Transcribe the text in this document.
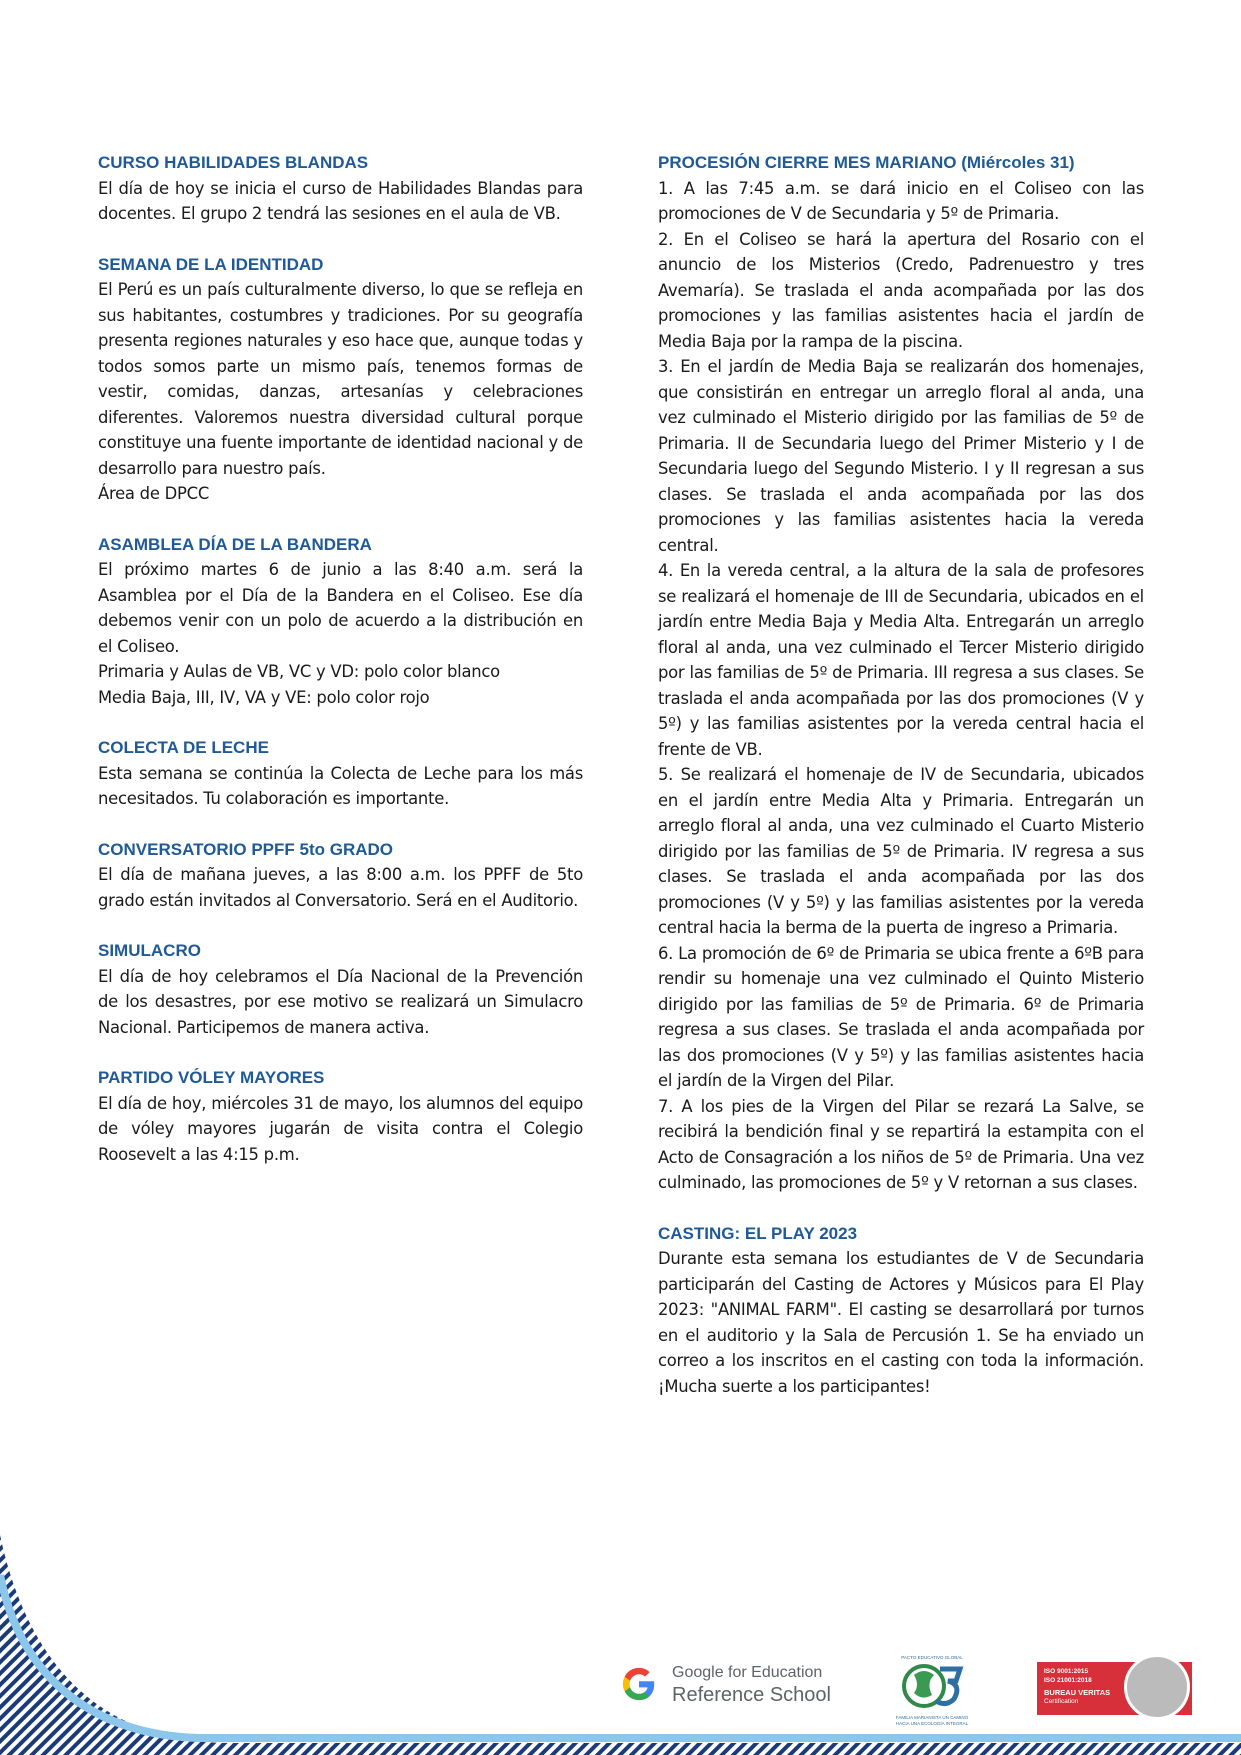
CURSO HABILIDADES BLANDAS

El día de hoy se inicia el curso de Habilidades Blandas para docentes. El grupo 2 tendrá las sesiones en el aula de VB.

SEMANA DE LA IDENTIDAD

El Perú es un país culturalmente diverso, lo que se refleja en sus habitantes, costumbres y tradiciones. Por su geografía presenta regiones naturales y eso hace que, aunque todas y todos somos parte un mismo país, tenemos formas de vestir, comidas, danzas, artesanías y celebraciones diferentes. Valoremos nuestra diversidad cultural porque constituye una fuente importante de identidad nacional y de desarrollo para nuestro país.

Área de DPCC

ASAMBLEA DÍA DE LA BANDERA

El próximo martes 6 de junio a las 8:40 a.m. será la Asamblea por el Día de la Bandera en el Coliseo. Ese día debemos venir con un polo de acuerdo a la distribución en el Coliseo.

Primaria y Aulas de VB, VC y VD: polo color blanco

Media Baja, III, IV, VA y VE: polo color rojo

COLECTA DE LECHE

Esta semana se continúa la Colecta de Leche para los más necesitados. Tu colaboración es importante.

CONVERSATORIO PPFF 5to GRADO

El día de mañana jueves, a las 8:00 a.m. los PPFF de 5to grado están invitados al Conversatorio. Será en el Auditorio.

SIMULACRO

El día de hoy celebramos el Día Nacional de la Prevención de los desastres, por ese motivo se realizará un Simulacro Nacional. Participemos de manera activa.

PARTIDO VÓLEY MAYORES

El día de hoy, miércoles 31 de mayo, los alumnos del equipo de vóley mayores jugarán de visita contra el Colegio Roosevelt a las 4:15 p.m.

PROCESIÓN CIERRE MES MARIANO (Miércoles 31)

1. A las 7:45 a.m. se dará inicio en el Coliseo con las promociones de V de Secundaria y 5º de Primaria.

2. En el Coliseo se hará la apertura del Rosario con el anuncio de los Misterios (Credo, Padrenuestro y tres Avemaría). Se traslada el anda acompañada por las dos promociones y las familias asistentes hacia el jardín de Media Baja por la rampa de la piscina.

3. En el jardín de Media Baja se realizarán dos homenajes, que consistirán en entregar un arreglo floral al anda, una vez culminado el Misterio dirigido por las familias de 5º de Primaria. II de Secundaria luego del Primer Misterio y I de Secundaria luego del Segundo Misterio. I y II regresan a sus clases. Se traslada el anda acompañada por las dos promociones y las familias asistentes hacia la vereda central.

4. En la vereda central, a la altura de la sala de profesores se realizará el homenaje de III de Secundaria, ubicados en el jardín entre Media Baja y Media Alta. Entregarán un arreglo floral al anda, una vez culminado el Tercer Misterio dirigido por las familias de 5º de Primaria. III regresa a sus clases. Se traslada el anda acompañada por las dos promociones (V y 5º) y las familias asistentes por la vereda central hacia el frente de VB.

5. Se realizará el homenaje de IV de Secundaria, ubicados en el jardín entre Media Alta y Primaria. Entregarán un arreglo floral al anda, una vez culminado el Cuarto Misterio dirigido por las familias de 5º de Primaria. IV regresa a sus clases. Se traslada el anda acompañada por las dos promociones (V y 5º) y las familias asistentes por la vereda central hacia la berma de la puerta de ingreso a Primaria.

6. La promoción de 6º de Primaria se ubica frente a 6ºB para rendir su homenaje una vez culminado el Quinto Misterio dirigido por las familias de 5º de Primaria. 6º de Primaria regresa a sus clases. Se traslada el anda acompañada por las dos promociones (V y 5º) y las familias asistentes hacia el jardín de la Virgen del Pilar.

7. A los pies de la Virgen del Pilar se rezará La Salve, se recibirá la bendición final y se repartirá la estampita con el Acto de Consagración a los niños de 5º de Primaria. Una vez culminado, las promociones de 5º y V retornan a sus clases.

CASTING: EL PLAY 2023

Durante esta semana los estudiantes de V de Secundaria participarán del Casting de Actores y Músicos para El Play 2023: "ANIMAL FARM". El casting se desarrollará por turnos en el auditorio y la Sala de Percusión 1. Se ha enviado un correo a los inscritos en el casting con toda la información. ¡Mucha suerte a los participantes!

Google for Education
Reference School
PACTO EDUCATIVO GLOBAL
FAMILIA MARIANISTA UN CAMINO HACIA UNA ECOLOGÍA INTEGRAL
ISO 9001:2015
ISO 21001:2018
BUREAU VERITAS
Certification
